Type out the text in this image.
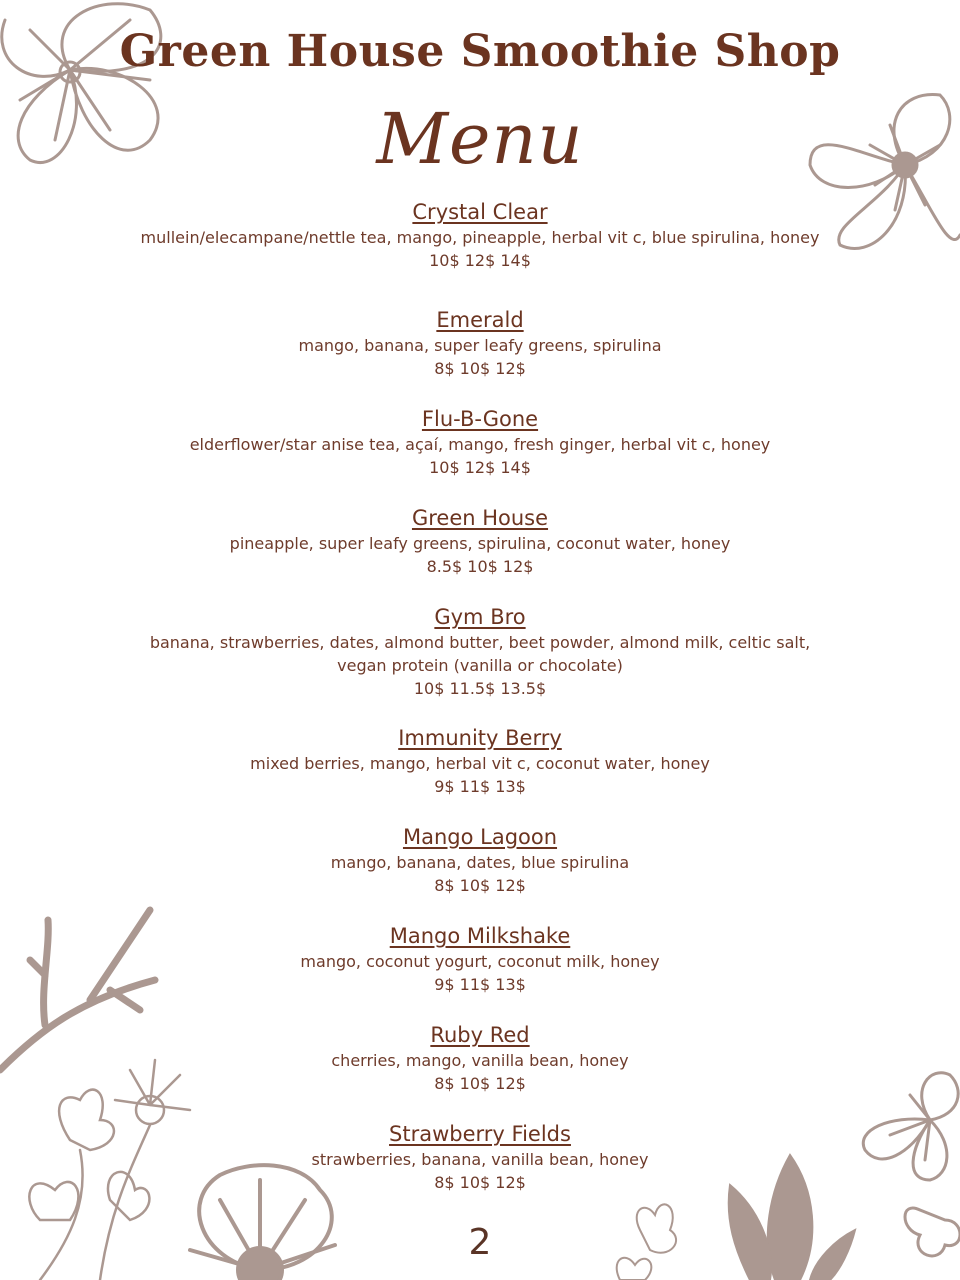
Green House Smoothie Shop
Menu
Crystal Clear
mullein/elecampane/nettle tea, mango, pineapple, herbal vit c, blue spirulina, honey
10$ 12$ 14$
Emerald
mango, banana, super leafy greens, spirulina
8$ 10$ 12$
Flu-B-Gone
elderflower/star anise tea, açaí, mango, fresh ginger, herbal vit c, honey
10$ 12$ 14$
Green House
pineapple, super leafy greens, spirulina, coconut water, honey
8.5$ 10$ 12$
Gym Bro
banana, strawberries, dates, almond butter, beet powder, almond milk, celtic salt,
vegan protein (vanilla or chocolate)
10$ 11.5$ 13.5$
Immunity Berry
mixed berries, mango, herbal vit c, coconut water, honey
9$ 11$ 13$
Mango Lagoon
mango, banana, dates, blue spirulina
8$ 10$ 12$
Mango Milkshake
mango, coconut yogurt, coconut milk, honey
9$ 11$ 13$
Ruby Red
cherries, mango, vanilla bean, honey
8$ 10$ 12$
Strawberry Fields
strawberries, banana, vanilla bean, honey
8$ 10$ 12$
2
